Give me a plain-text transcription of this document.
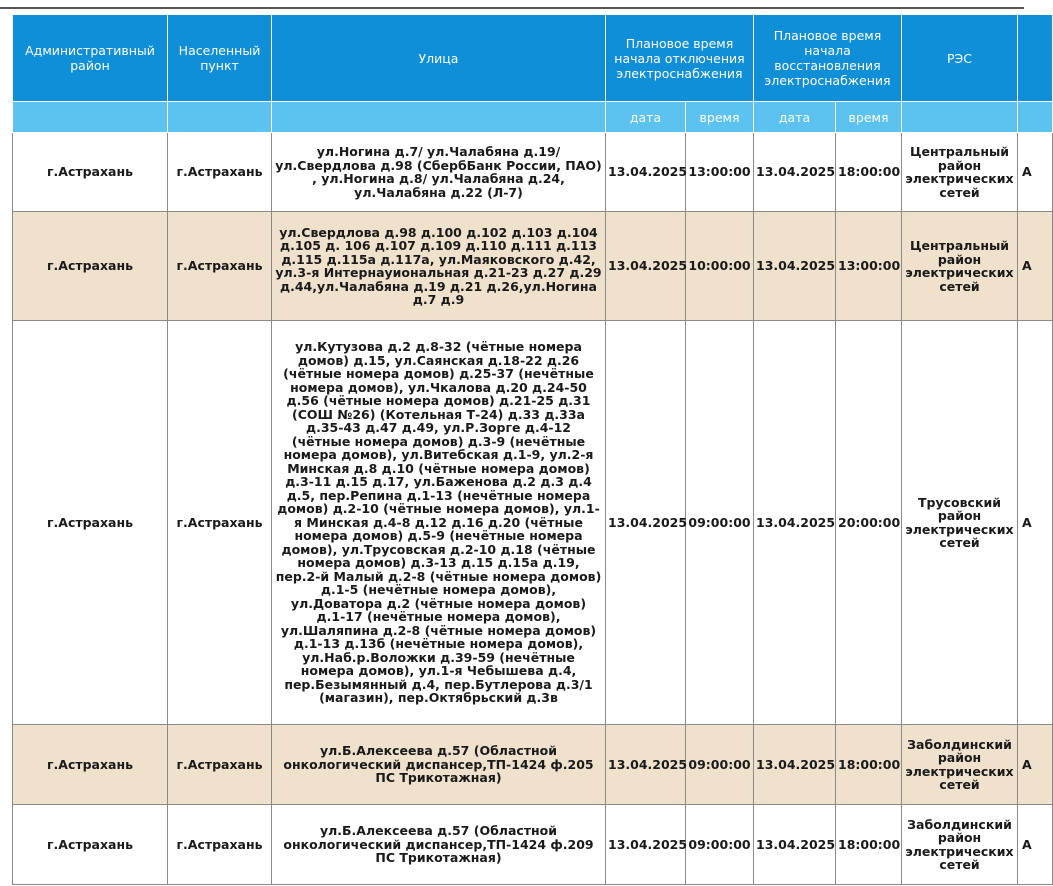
Административный район	Населенный пункт	Улица	Плановое время начала отключения электроснабжения		Плановое время начала восстановления электроснабжения		РЭС	
			дата	время	дата	время		
г.Астрахань	г.Астрахань	ул.Ногина д.7/ ул.Чалабяна д.19/ ул.Свердлова д.98 (СбербБанк России, ПАО) , ул.Ногина д.8/ ул.Чалабяна д.24, ул.Чалабяна д.22 (Л-7)	13.04.2025	13:00:00	13.04.2025	18:00:00	Центральный район электрических сетей	А
г.Астрахань	г.Астрахань	ул.Свердлова д.98 д.100 д.102 д.103 д.104 д.105 д. 106 д.107 д.109 д.110 д.111 д.113 д.115 д.115а д.117а, ул.Маяковского д.42, ул.3-я Интернауиональная д.21-23 д.27 д.29 д.44,ул.Чалабяна д.19 д.21 д.26,ул.Ногина д.7 д.9	13.04.2025	10:00:00	13.04.2025	13:00:00	Центральный район электрических сетей	А
г.Астрахань	г.Астрахань	ул.Кутузова д.2 д.8-32 (чётные номера домов) д.15, ул.Саянская д.18-22 д.26 (чётные номера домов) д.25-37 (нечётные номера домов), ул.Чкалова д.20 д.24-50 д.56 (чётные номера домов) д.21-25 д.31 (СОШ №26) (Котельная Т-24) д.33 д.33а д.35-43 д.47 д.49, ул.Р.Зорге д.4-12 (чётные номера домов) д.3-9 (нечётные номера домов), ул.Витебская д.1-9, ул.2-я Минская д.8 д.10 (чётные номера домов) д.3-11 д.15 д.17, ул.Баженова д.2 д.3 д.4 д.5, пер.Репина д.1-13 (нечётные номера домов) д.2-10 (чётные номера домов), ул.1-я Минская д.4-8 д.12 д.16 д.20 (чётные номера домов) д.5-9 (нечётные номера домов), ул.Трусовская д.2-10 д.18 (чётные номера домов) д.3-13 д.15 д.15а д.19, пер.2-й Малый д.2-8 (чётные номера домов) д.1-5 (нечётные номера домов), ул.Доватора д.2 (чётные номера домов) д.1-17 (нечётные номера домов), ул.Шаляпина д.2-8 (чётные номера домов) д.1-13 д.13б (нечётные номера домов), ул.Наб.р.Воложки д.39-59 (нечётные номера домов), ул.1-я Чебышева д.4, пер.Безымянный д.4, пер.Бутлерова д.3/1 (магазин), пер.Октябрьский д.3в	13.04.2025	09:00:00	13.04.2025	20:00:00	Трусовский район электрических сетей	А
г.Астрахань	г.Астрахань	ул.Б.Алексеева д.57 (Областной онкологический диспансер,ТП-1424 ф.205 ПС Трикотажная)	13.04.2025	09:00:00	13.04.2025	18:00:00	Заболдинский район электрических сетей	А
г.Астрахань	г.Астрахань	ул.Б.Алексеева д.57 (Областной онкологический диспансер,ТП-1424 ф.209 ПС Трикотажная)	13.04.2025	09:00:00	13.04.2025	18:00:00	Заболдинский район электрических сетей	А
